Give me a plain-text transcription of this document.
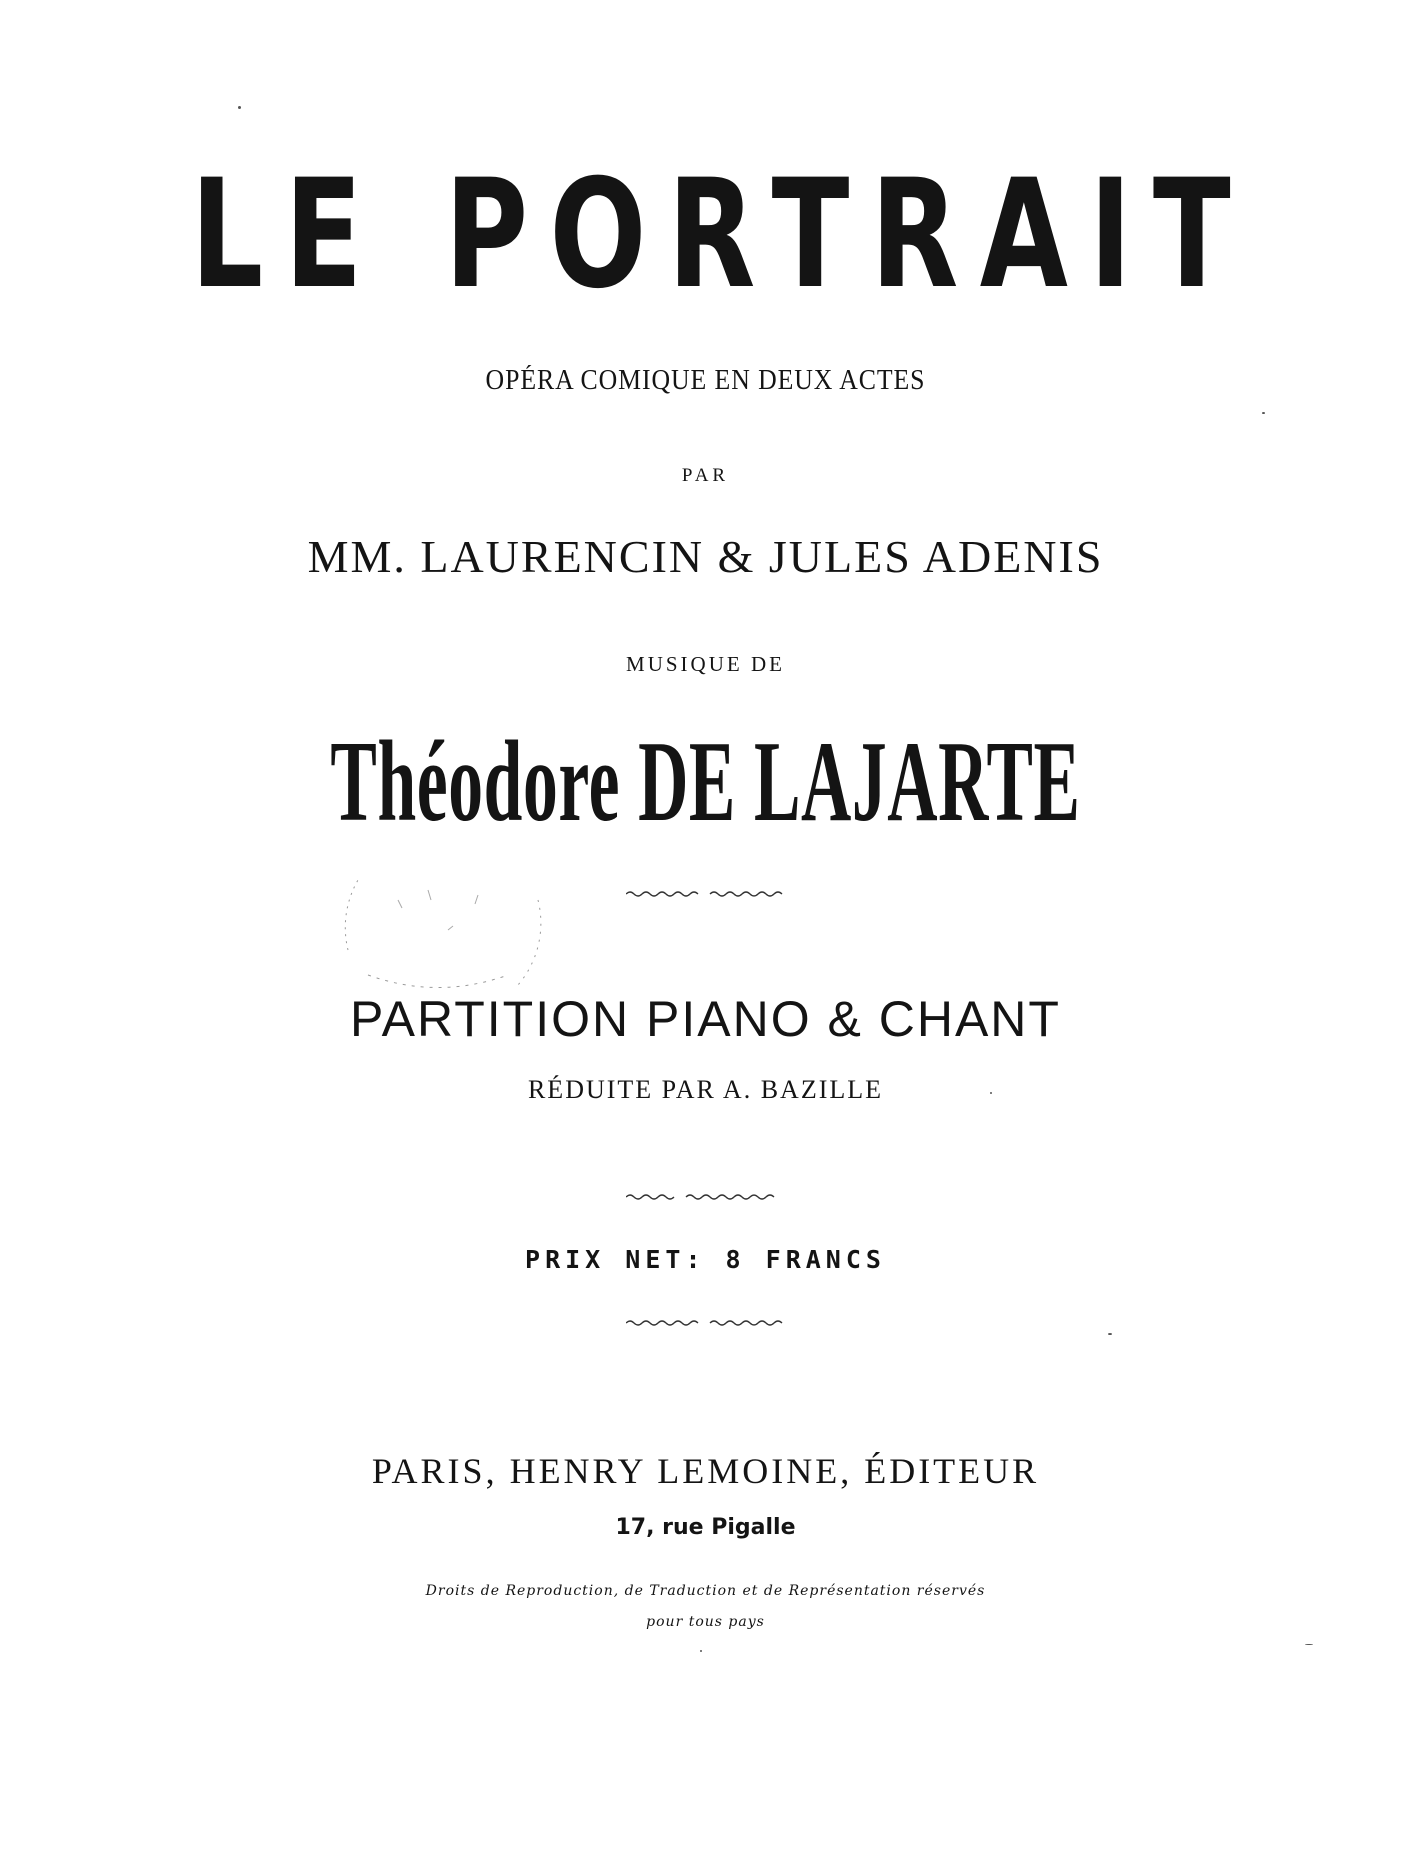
LE PORTRAIT
OPÉRA COMIQUE EN DEUX ACTES
PAR
MM. LAURENCIN & JULES ADENIS
MUSIQUE DE
Théodore DE LAJARTE
PARTITION PIANO & CHANT
RÉDUITE PAR A. BAZILLE
PRIX NET: 8 FRANCS
PARIS, HENRY LEMOINE, ÉDITEUR
17, rue Pigalle
Droits de Reproduction, de Traduction et de Représentation réservés
pour tous pays
